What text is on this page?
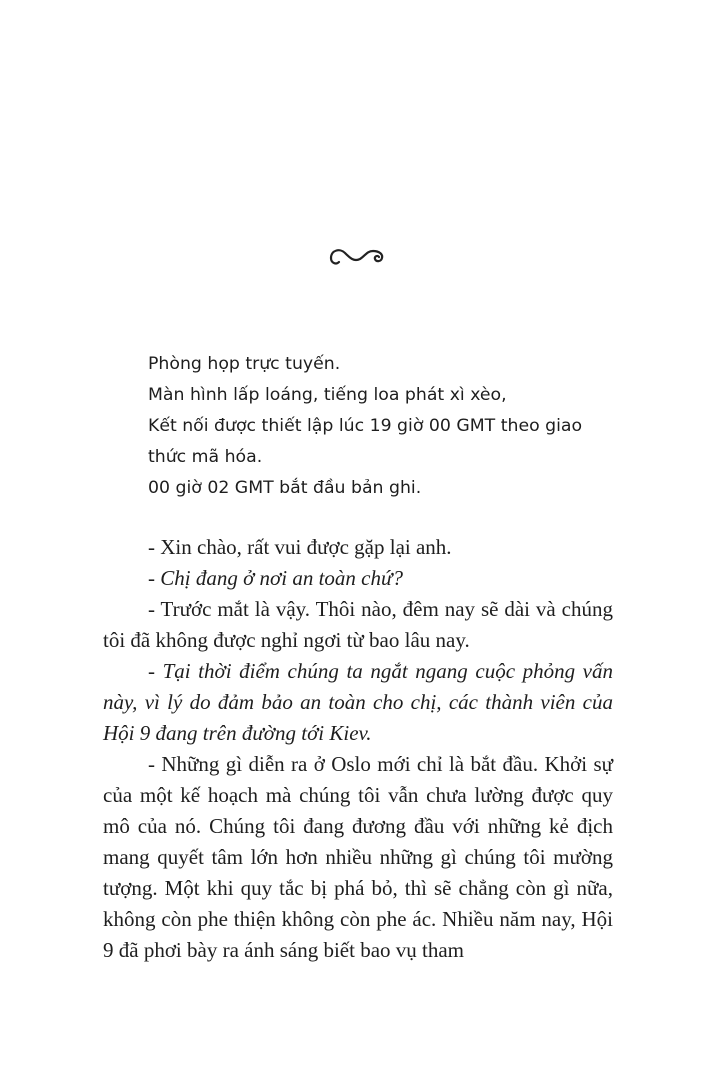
Phòng họp trực tuyến.

Màn hình lấp loáng, tiếng loa phát xì xèo,

Kết nối được thiết lập lúc 19 giờ 00 GMT theo giao thức mã hóa.

00 giờ 02 GMT bắt đầu bản ghi.

- Xin chào, rất vui được gặp lại anh.

- Chị đang ở nơi an toàn chứ?

- Trước mắt là vậy. Thôi nào, đêm nay sẽ dài và chúng tôi đã không được nghỉ ngơi từ bao lâu nay.

- Tại thời điểm chúng ta ngắt ngang cuộc phỏng vấn này, vì lý do đảm bảo an toàn cho chị, các thành viên của Hội 9 đang trên đường tới Kiev.

- Những gì diễn ra ở Oslo mới chỉ là bắt đầu. Khởi sự của một kế hoạch mà chúng tôi vẫn chưa lường được quy mô của nó. Chúng tôi đang đương đầu với những kẻ địch mang quyết tâm lớn hơn nhiều những gì chúng tôi mường tượng. Một khi quy tắc bị phá bỏ, thì sẽ chẳng còn gì nữa, không còn phe thiện không còn phe ác. Nhiều năm nay, Hội 9 đã phơi bày ra ánh sáng biết bao vụ tham
